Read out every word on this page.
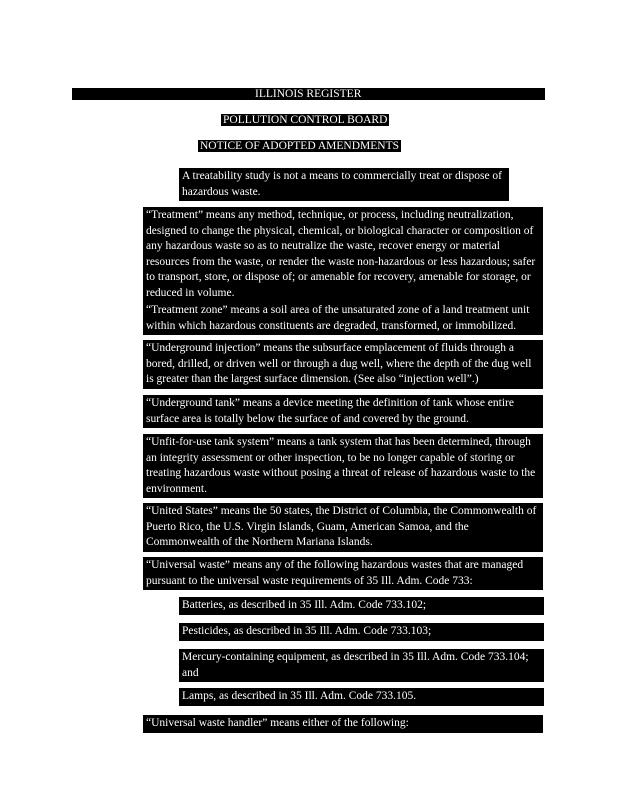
ILLINOIS REGISTER
POLLUTION CONTROL BOARD
NOTICE OF ADOPTED AMENDMENTS

A treatability study is not a means to commercially treat or dispose of hazardous waste.

“Treatment” means any method, technique, or process, including neutralization, designed to change the physical, chemical, or biological character or composition of any hazardous waste so as to neutralize the waste, recover energy or material resources from the waste, or render the waste non-hazardous or less hazardous; safer to transport, store, or dispose of; or amenable for recovery, amenable for storage, or reduced in volume.

“Treatment zone” means a soil area of the unsaturated zone of a land treatment unit within which hazardous constituents are degraded, transformed, or immobilized.

“Underground injection” means the subsurface emplacement of fluids through a bored, drilled, or driven well or through a dug well, where the depth of the dug well is greater than the largest surface dimension. (See also “injection well”.)

“Underground tank” means a device meeting the definition of tank whose entire surface area is totally below the surface of and covered by the ground.

“Unfit-for-use tank system” means a tank system that has been determined, through an integrity assessment or other inspection, to be no longer capable of storing or treating hazardous waste without posing a threat of release of hazardous waste to the environment.

“United States” means the 50 states, the District of Columbia, the Commonwealth of Puerto Rico, the U.S. Virgin Islands, Guam, American Samoa, and the Commonwealth of the Northern Mariana Islands.

“Universal waste” means any of the following hazardous wastes that are managed pursuant to the universal waste requirements of 35 Ill. Adm. Code 733:

Batteries, as described in 35 Ill. Adm. Code 733.102;

Pesticides, as described in 35 Ill. Adm. Code 733.103;

Mercury-containing equipment, as described in 35 Ill. Adm. Code 733.104; and

Lamps, as described in 35 Ill. Adm. Code 733.105.

“Universal waste handler” means either of the following:
